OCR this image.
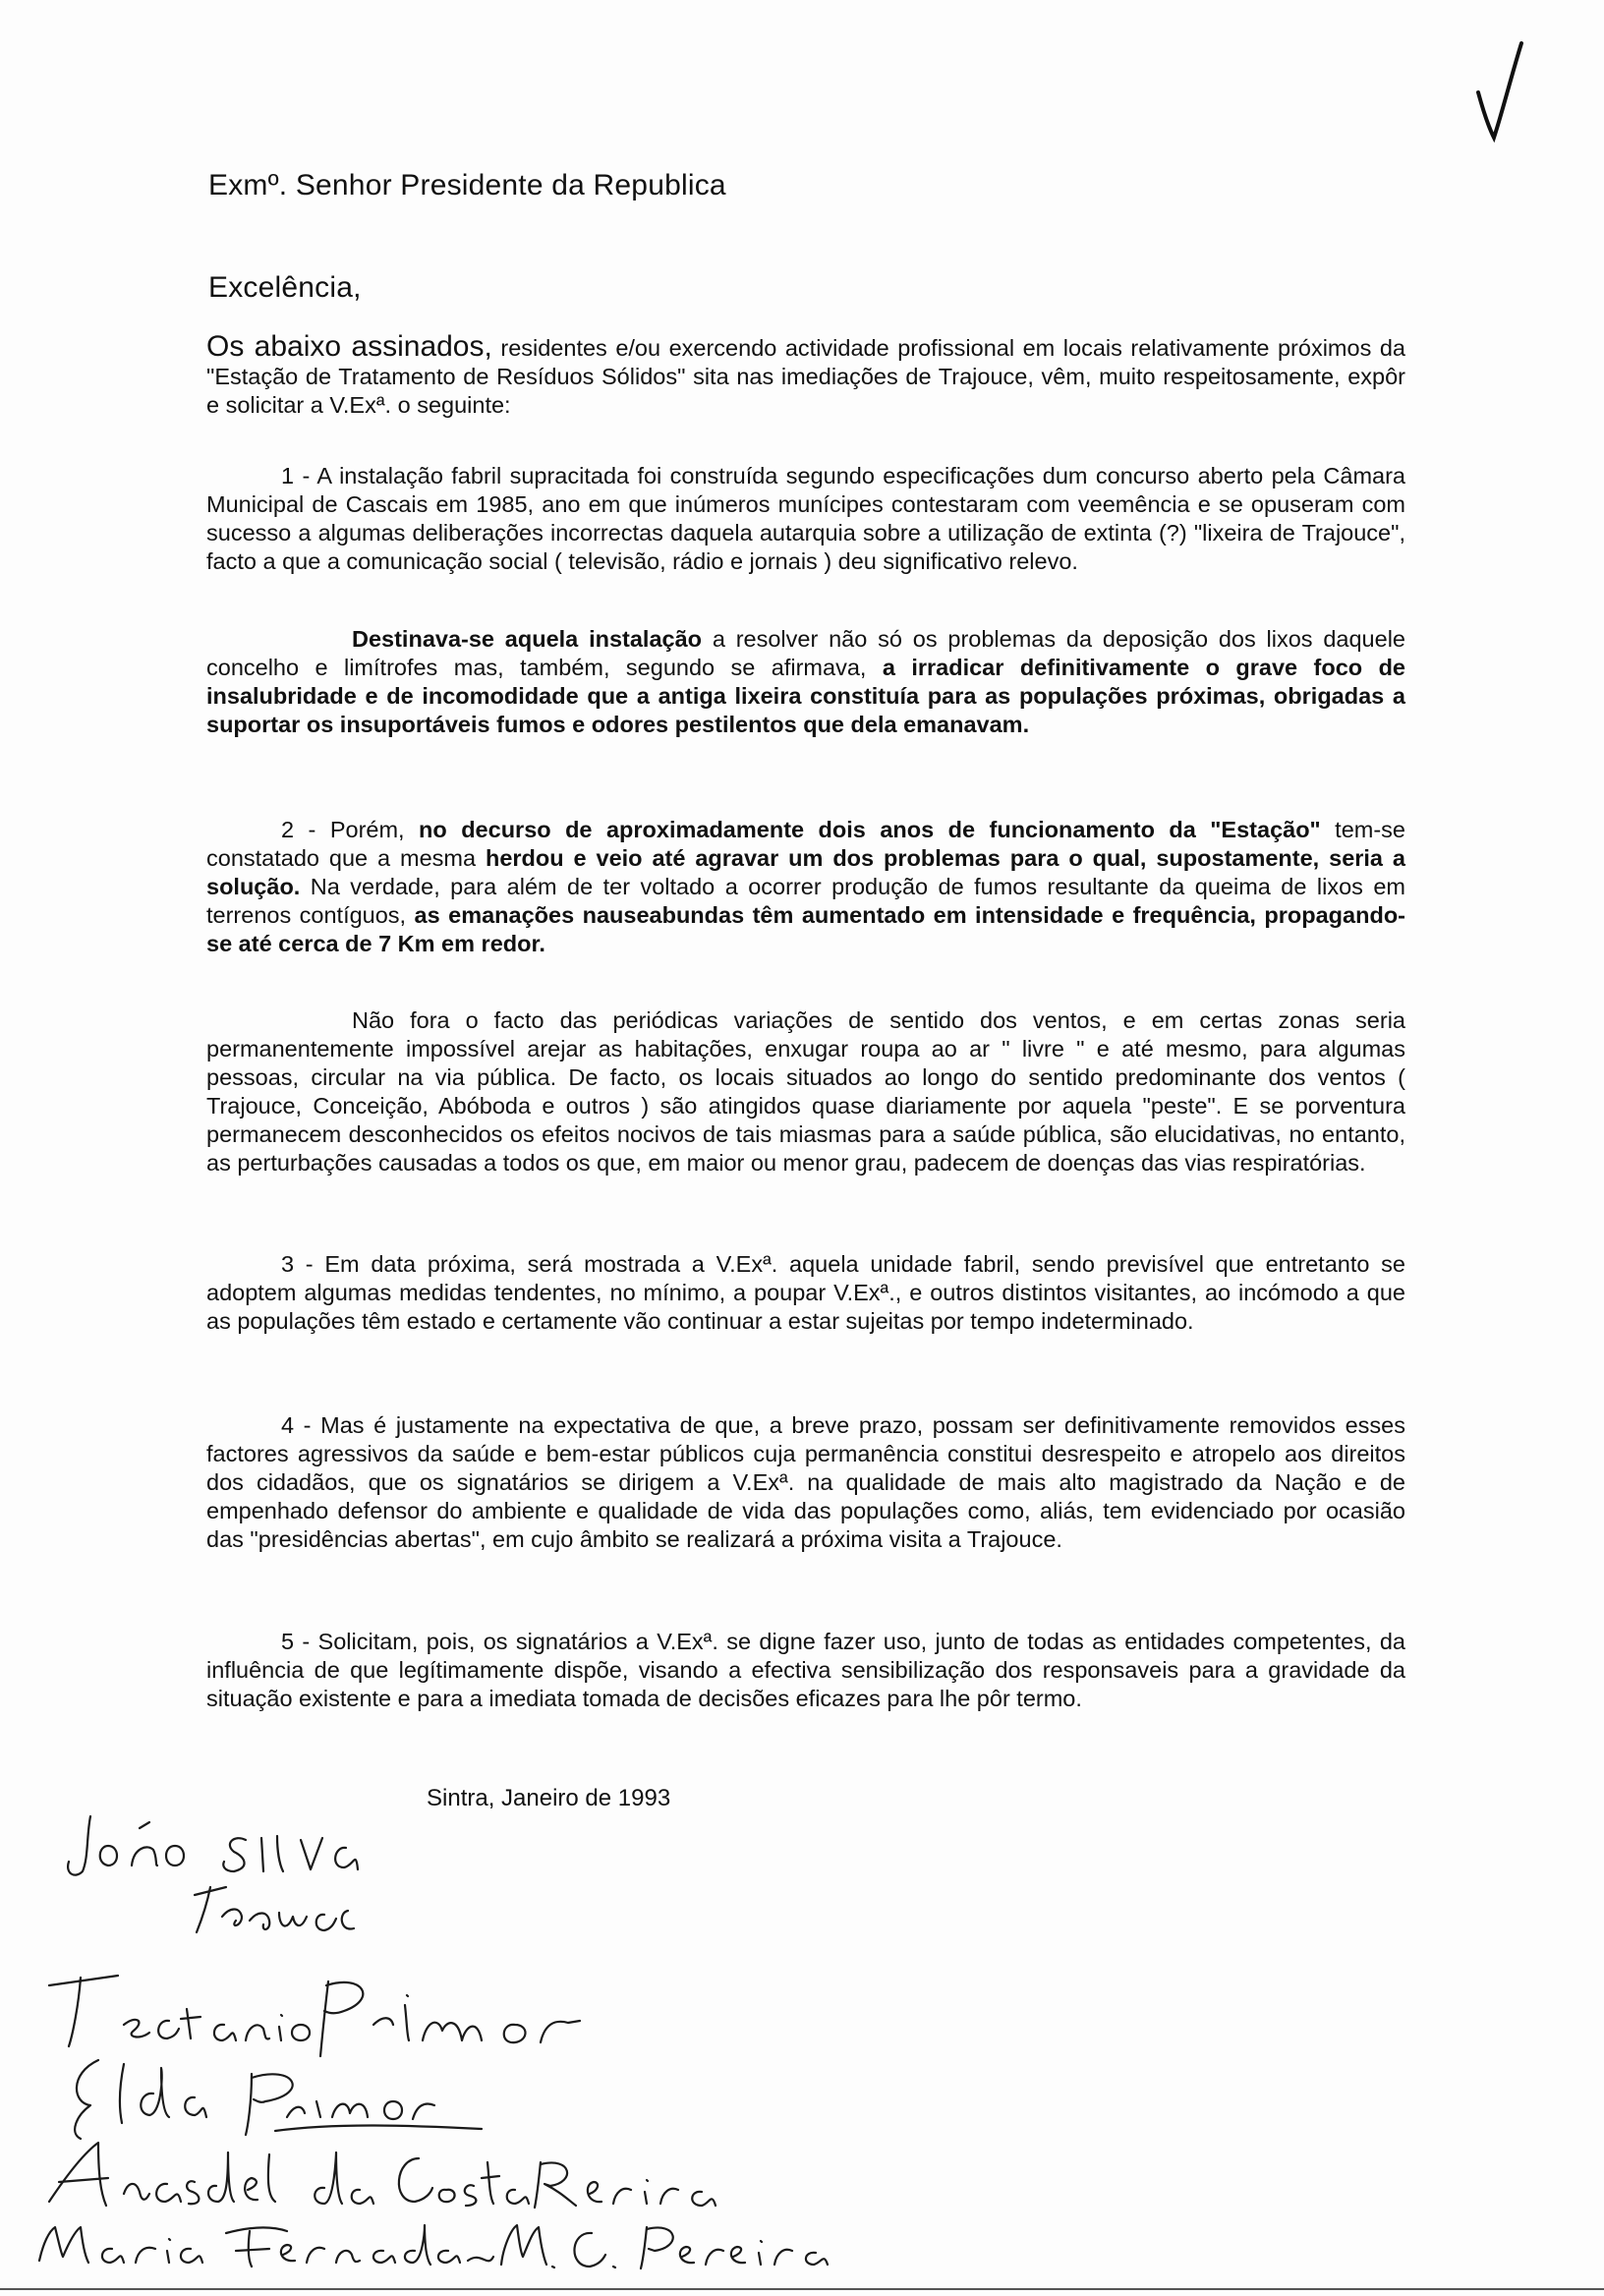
Exmº. Senhor Presidente da Republica
Excelência,

Os abaixo assinados, residentes e/ou exercendo actividade profissional em locais relativamente próximos da "Estação de Tratamento de Resíduos Sólidos" sita nas imediações de Trajouce, vêm, muito respeitosamente, expôr e solicitar a V.Exª. o seguinte:

1 - A instalação fabril supracitada foi construída segundo especificações dum concurso aberto pela Câmara Municipal de Cascais em 1985, ano em que inúmeros munícipes contestaram com veemência e se opuseram com sucesso a algumas deliberações incorrectas daquela autarquia sobre a utilização de extinta (?) "lixeira de Trajouce", facto a que a comunicação social ( televisão, rádio e jornais ) deu significativo relevo.

Destinava-se aquela instalação a resolver não só os problemas da deposição dos lixos daquele concelho e limítrofes mas, também, segundo se afirmava, a irradicar definitivamente o grave foco de insalubridade e de incomodidade que a antiga lixeira constituía para as populações próximas, obrigadas a suportar os insuportáveis fumos e odores pestilentos que dela emanavam.

2 - Porém, no decurso de aproximadamente dois anos de funcionamento da "Estação" tem-se constatado que a mesma herdou e veio até agravar um dos problemas para o qual, supostamente, seria a solução. Na verdade, para além de ter voltado a ocorrer produção de fumos resultante da queima de lixos em terrenos contíguos, as emanações nauseabundas têm aumentado em intensidade e frequência, propagando-se até cerca de 7 Km em redor.

Não fora o facto das periódicas variações de sentido dos ventos, e em certas zonas seria permanentemente impossível arejar as habitações, enxugar roupa ao ar " livre " e até mesmo, para algumas pessoas, circular na via pública. De facto, os locais situados ao longo do sentido predominante dos ventos ( Trajouce, Conceição, Abóboda e outros ) são atingidos quase diariamente por aquela "peste". E se porventura permanecem desconhecidos os efeitos nocivos de tais miasmas para a saúde pública, são elucidativas, no entanto, as perturbações causadas a todos os que, em maior ou menor grau, padecem de doenças das vias respiratórias.

3 - Em data próxima, será mostrada a V.Exª. aquela unidade fabril, sendo previsível que entretanto se adoptem algumas medidas tendentes, no mínimo, a poupar V.Exª., e outros distintos visitantes, ao incómodo a que as populações têm estado e certamente vão continuar a estar sujeitas por tempo indeterminado.

4 - Mas é justamente na expectativa de que, a breve prazo, possam ser definitivamente removidos esses factores agressivos da saúde e bem-estar públicos cuja permanência constitui desrespeito e atropelo aos direitos dos cidadãos, que os signatários se dirigem a V.Exª. na qualidade de mais alto magistrado da Nação e de empenhado defensor do ambiente e qualidade de vida das populações como, aliás, tem evidenciado por ocasião das "presidências abertas", em cujo âmbito se realizará a próxima visita a Trajouce.

5 - Solicitam, pois, os signatários a V.Exª. se digne fazer uso, junto de todas as entidades competentes, da influência de que legítimamente dispõe, visando a efectiva sensibilização dos responsaveis para a gravidade da situação existente e para a imediata tomada de decisões eficazes para lhe pôr termo.

Sintra, Janeiro de 1993
